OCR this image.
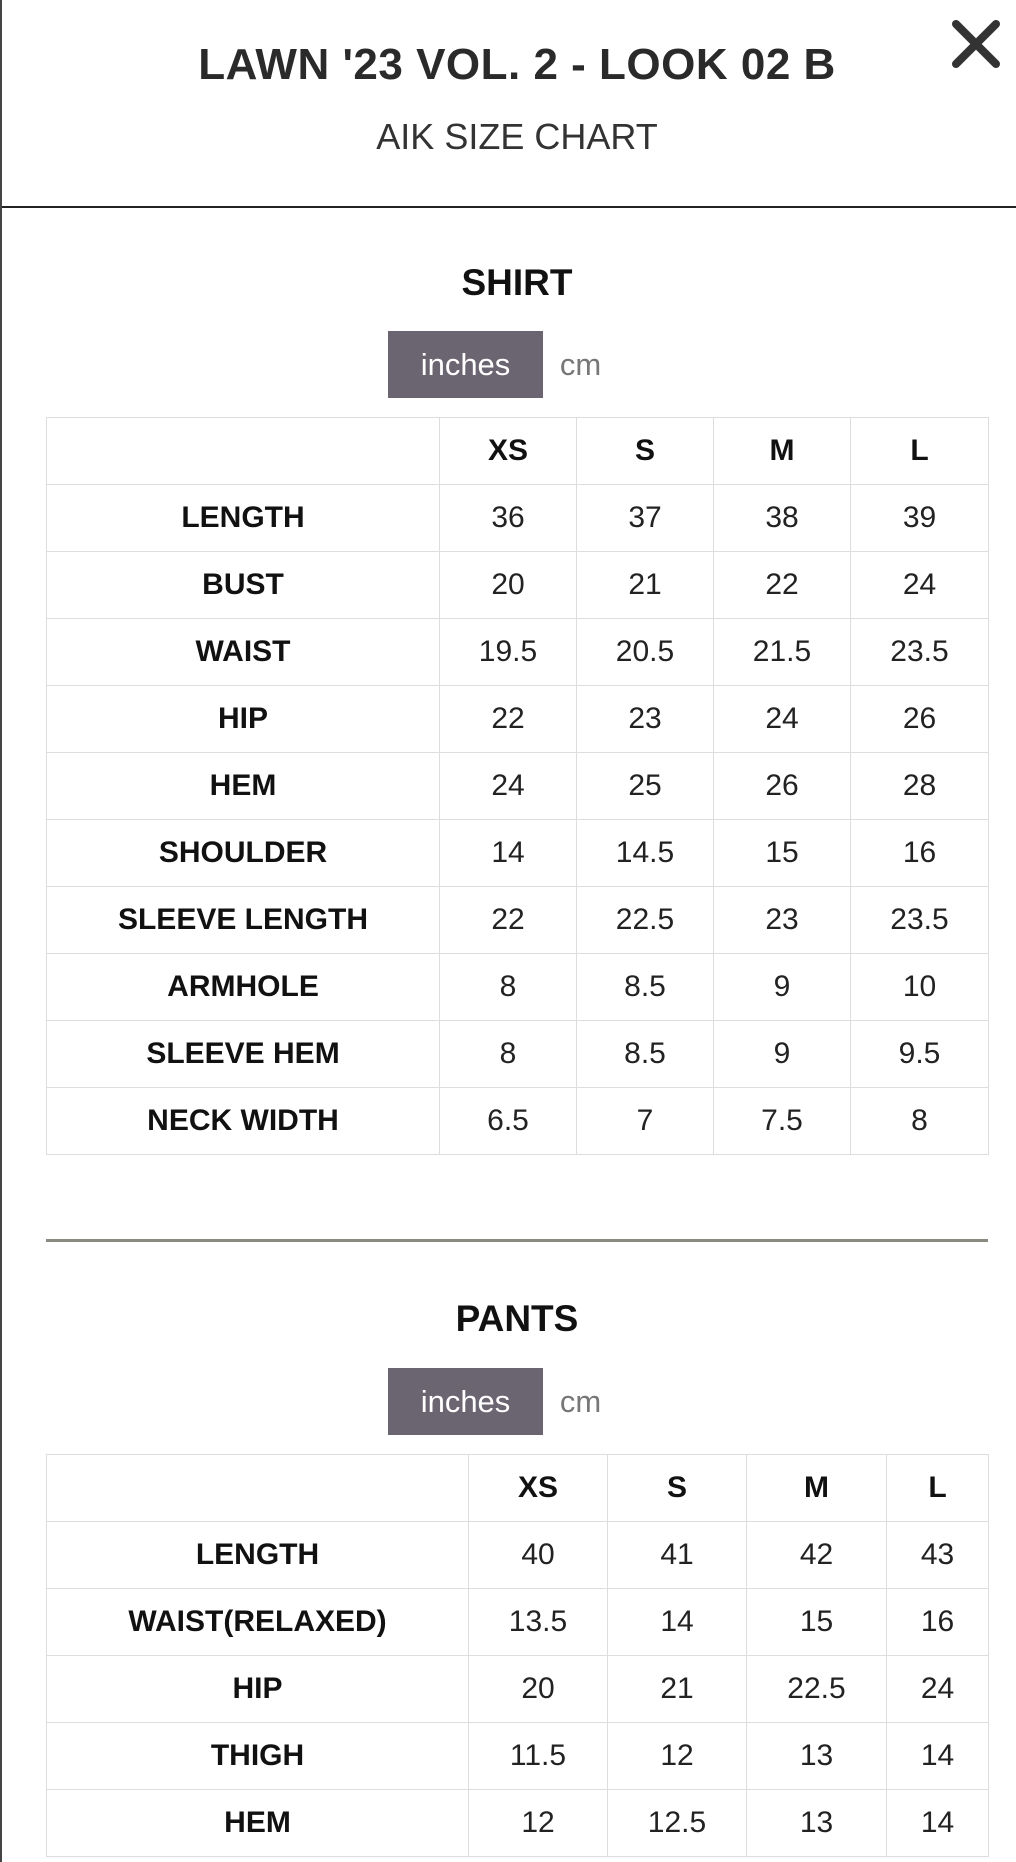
LAWN '23 VOL. 2 - LOOK 02 B
AIK SIZE CHART
SHIRT
inches	cm
	XS	S	M	L
LENGTH	36	37	38	39
BUST	20	21	22	24
WAIST	19.5	20.5	21.5	23.5
HIP	22	23	24	26
HEM	24	25	26	28
SHOULDER	14	14.5	15	16
SLEEVE LENGTH	22	22.5	23	23.5
ARMHOLE	8	8.5	9	10
SLEEVE HEM	8	8.5	9	9.5
NECK WIDTH	6.5	7	7.5	8
PANTS
inches	cm
	XS	S	M	L
LENGTH	40	41	42	43
WAIST(RELAXED)	13.5	14	15	16
HIP	20	21	22.5	24
THIGH	11.5	12	13	14
HEM	12	12.5	13	14
